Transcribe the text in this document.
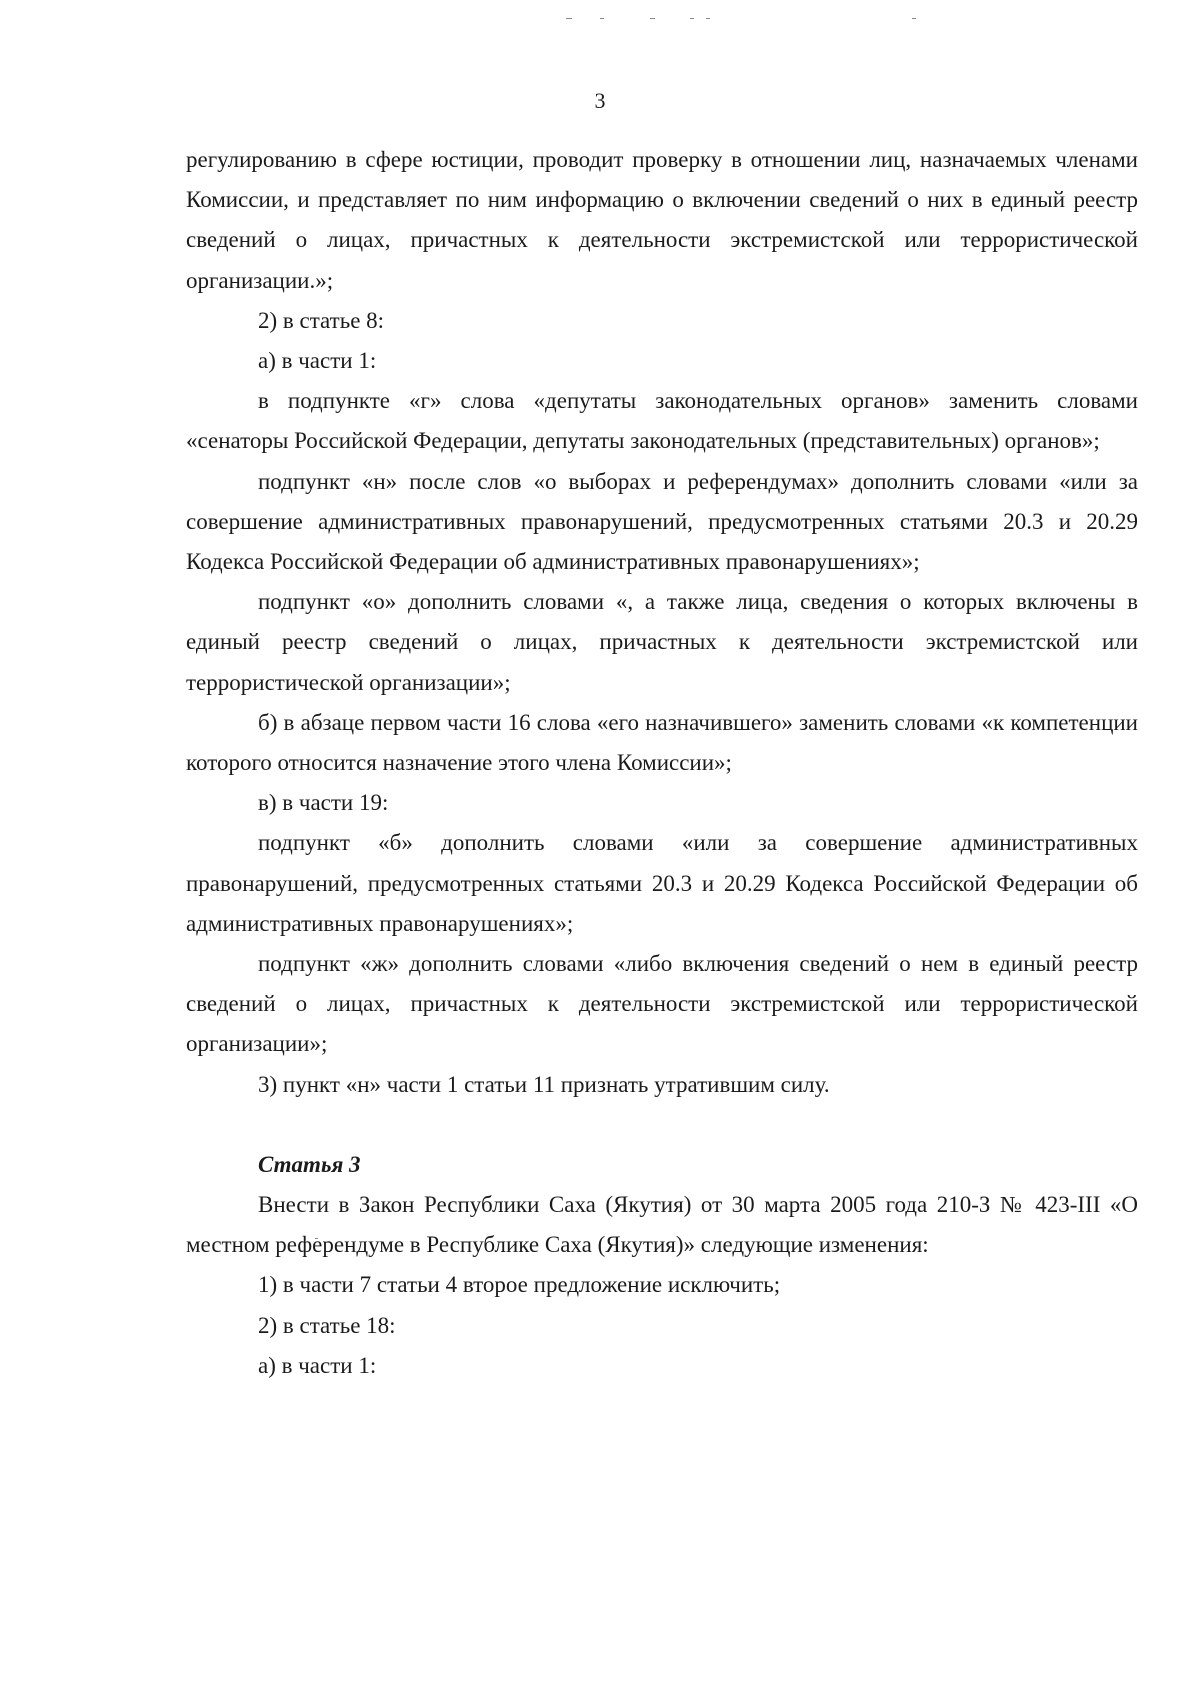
3

регулированию в сфере юстиции, проводит проверку в отношении лиц, назначаемых членами Комиссии, и представляет по ним информацию о включении сведений о них в единый реестр сведений о лицах, причастных к деятельности экстремистской или террористической организации.»;

2) в статье 8:

а) в части 1:

в подпункте «г» слова «депутаты законодательных органов» заменить словами «сенаторы Российской Федерации, депутаты законодательных (представительных) органов»;

подпункт «н» после слов «о выборах и референдумах» дополнить словами «или за совершение административных правонарушений, предусмотренных статьями 20.3 и 20.29 Кодекса Российской Федерации об административных правонарушениях»;

подпункт «о» дополнить словами «, а также лица, сведения о которых включены в единый реестр сведений о лицах, причастных к деятельности экстремистской или террористической организации»;

б) в абзаце первом части 16 слова «его назначившего» заменить словами «к компетенции которого относится назначение этого члена Комиссии»;

в) в части 19:

подпункт «б» дополнить словами «или за совершение административных правонарушений, предусмотренных статьями 20.3 и 20.29 Кодекса Российской Федерации об административных правонарушениях»;

подпункт «ж» дополнить словами «либо включения сведений о нем в единый реестр сведений о лицах, причастных к деятельности экстремистской или террористической организации»;

3) пункт «н» части 1 статьи 11 признать утратившим силу.

Статья 3

Внести в Закон Республики Саха (Якутия) от 30 марта 2005 года 210-З № 423-III «О местном референдуме в Республике Саха (Якутия)» следующие изменения:

1) в части 7 статьи 4 второе предложение исключить;

2) в статье 18:

а) в части 1:
